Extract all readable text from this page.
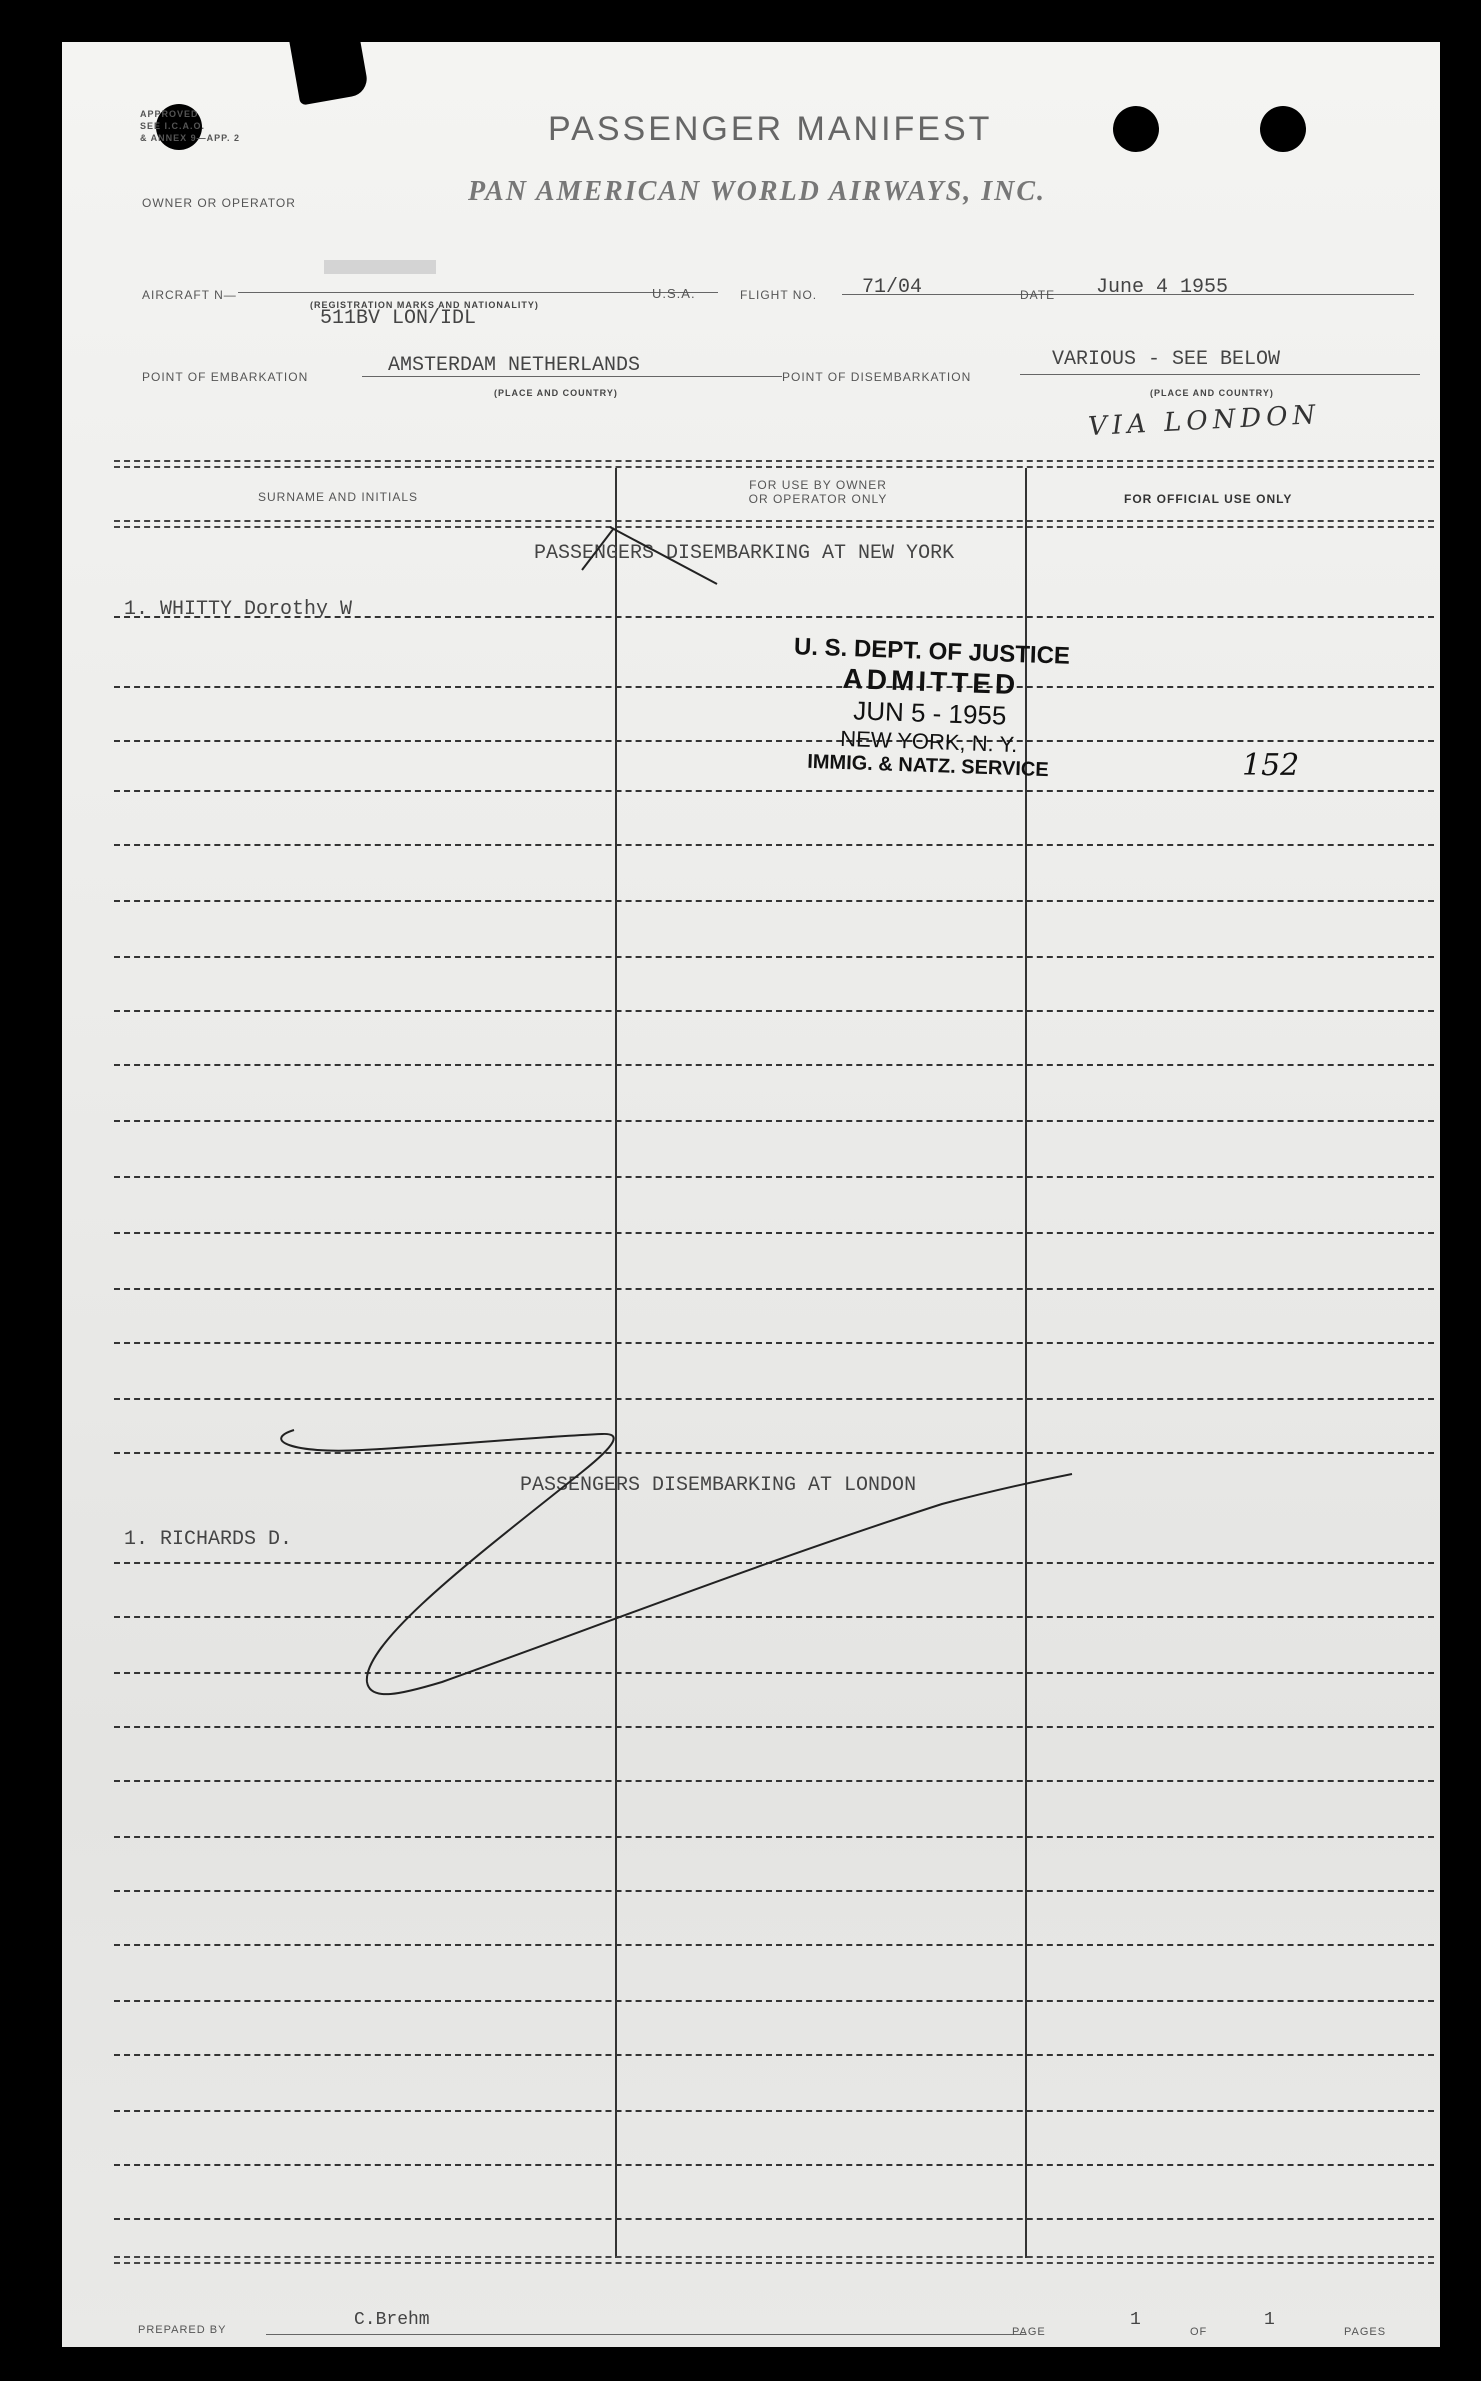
APPROVED
SEE I.C.A.O.
& ANNEX 9—APP. 2	PASSENGER MANIFEST
OWNER OR OPERATOR	PAN AMERICAN WORLD AIRWAYS, INC.
AIRCRAFT N—
(REGISTRATION MARKS AND NATIONALITY)
511BV LON/IDL
U.S.A.	FLIGHT NO. 71/04	DATE June 4 1955
POINT OF EMBARKATION	AMSTERDAM NETHERLANDS
(PLACE AND COUNTRY)
POINT OF DISEMBARKATION
VARIOUS - SEE BELOW
(PLACE AND COUNTRY)
VIA LONDON
SURNAME AND INITIALS
FOR USE BY OWNER
OR OPERATOR ONLY	FOR OFFICIAL USE ONLY
PASSENGERS DISEMBARKING AT NEW YORK
1. WHITTY Dorothy W
U. S. DEPT. OF JUSTICE
ADMITTED
JUN 5 - 1955
NEW YORK, N. Y.
IMMIG. & NATZ. SERVICE	152
PASSENGERS DISEMBARKING AT LONDON
1. RICHARDS D.
PREPARED BY	C.Brehm
PAGE
1
OF
1
PAGES
